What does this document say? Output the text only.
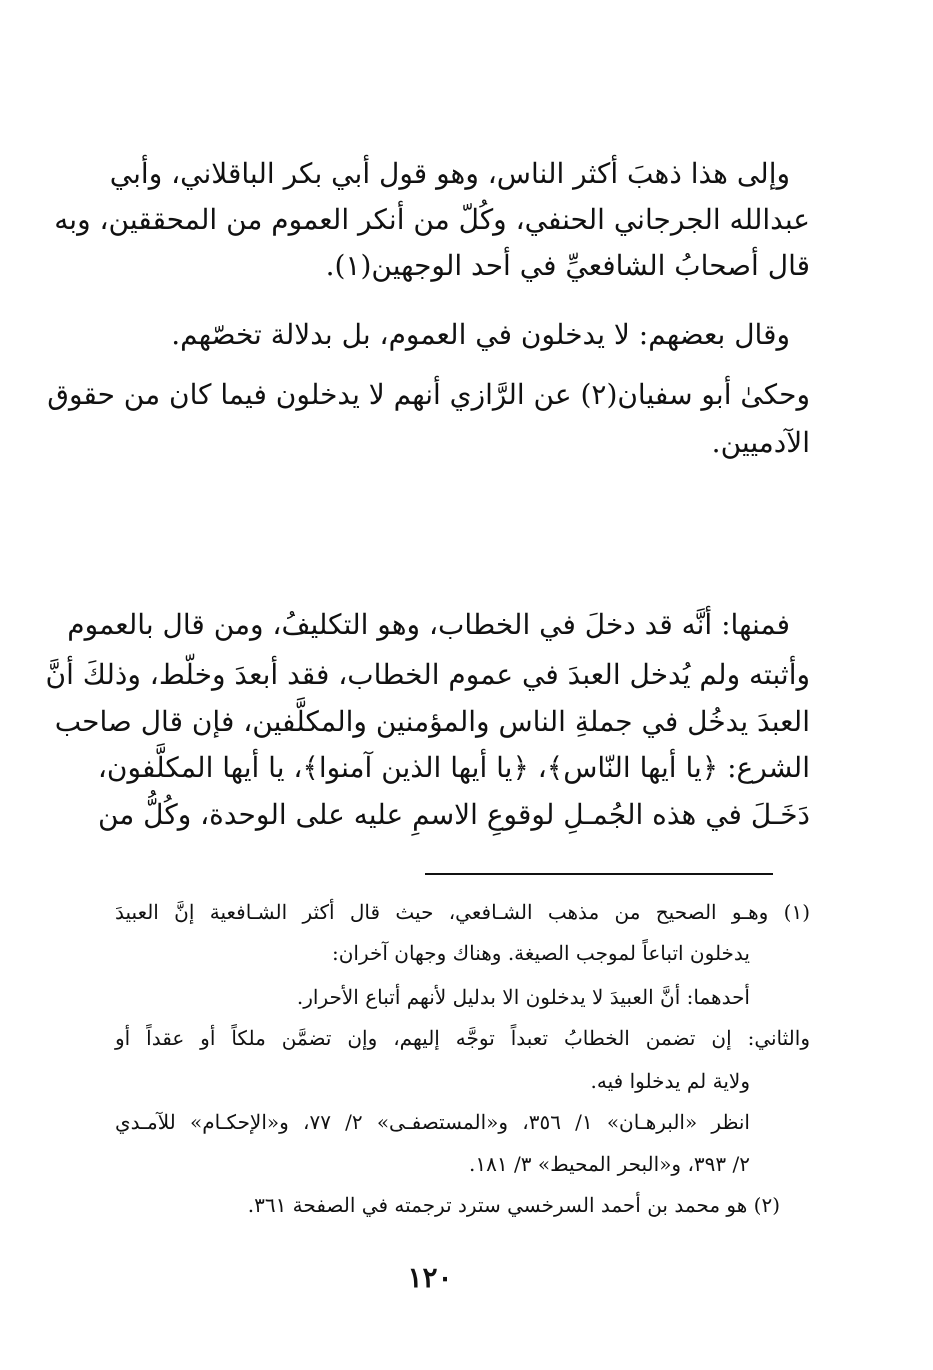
وإلى هذا ذهبَ أكثر الناس، وهو قول أبي بكر الباقلاني، وأبي
عبدالله الجرجاني الحنفي، وكُلّ من أنكر العموم من المحققين، وبه
قال أصحابُ الشافعيِّ في أحد الوجهين(١).
وقال بعضهم: لا يدخلون في العموم، بل بدلالة تخصّهم.
وحكىٰ أبو سفيان(٢) عن الرَّازي أنهم لا يدخلون فيما كان من حقوق
الآدميين.
فمنها: أنَّه قد دخلَ في الخطاب، وهو التكليفُ، ومن قال بالعموم
وأثبته ولم يُدخل العبدَ في عموم الخطاب، فقد أبعدَ وخلّط، وذلكَ أنَّ
العبدَ يدخُل في جملةِ الناس والمؤمنين والمكلَّفين، فإن قال صاحب
الشرع: ﴿يا أيها النّاس﴾، ﴿يا أيها الذين آمنوا﴾، يا أيها المكلَّفون،
دَخَـلَ في هذه الجُمـلِ لوقوعِ الاسمِ عليه على الوحدة، وكُلُّ من
(١) وهـو الصحيح من مذهب الشـافعي، حيث قال أكثر الشـافعية إنَّ العبيدَ
يدخلون اتباعاً لموجب الصيغة. وهناك وجهان آخران:
أحدهما: أنَّ العبيدَ لا يدخلون الا بدليل لأنهم أتباع الأحرار.
والثاني: إن تضمن الخطابُ تعبداً توجَّه إليهم، وإن تضمَّن ملكاً أو عقداً أو
ولاية لم يدخلوا فيه.
انظر «البرهـان» ١/ ٣٥٦، و«المستصفـى» ٢/ ٧٧، و«الإحكـام» للآمـدي
٢/ ٣٩٣، و«البحر المحيط» ٣/ ١٨١.
(٢) هو محمد بن أحمد السرخسي سترد ترجمته في الصفحة ٣٦١.
١٢٠
